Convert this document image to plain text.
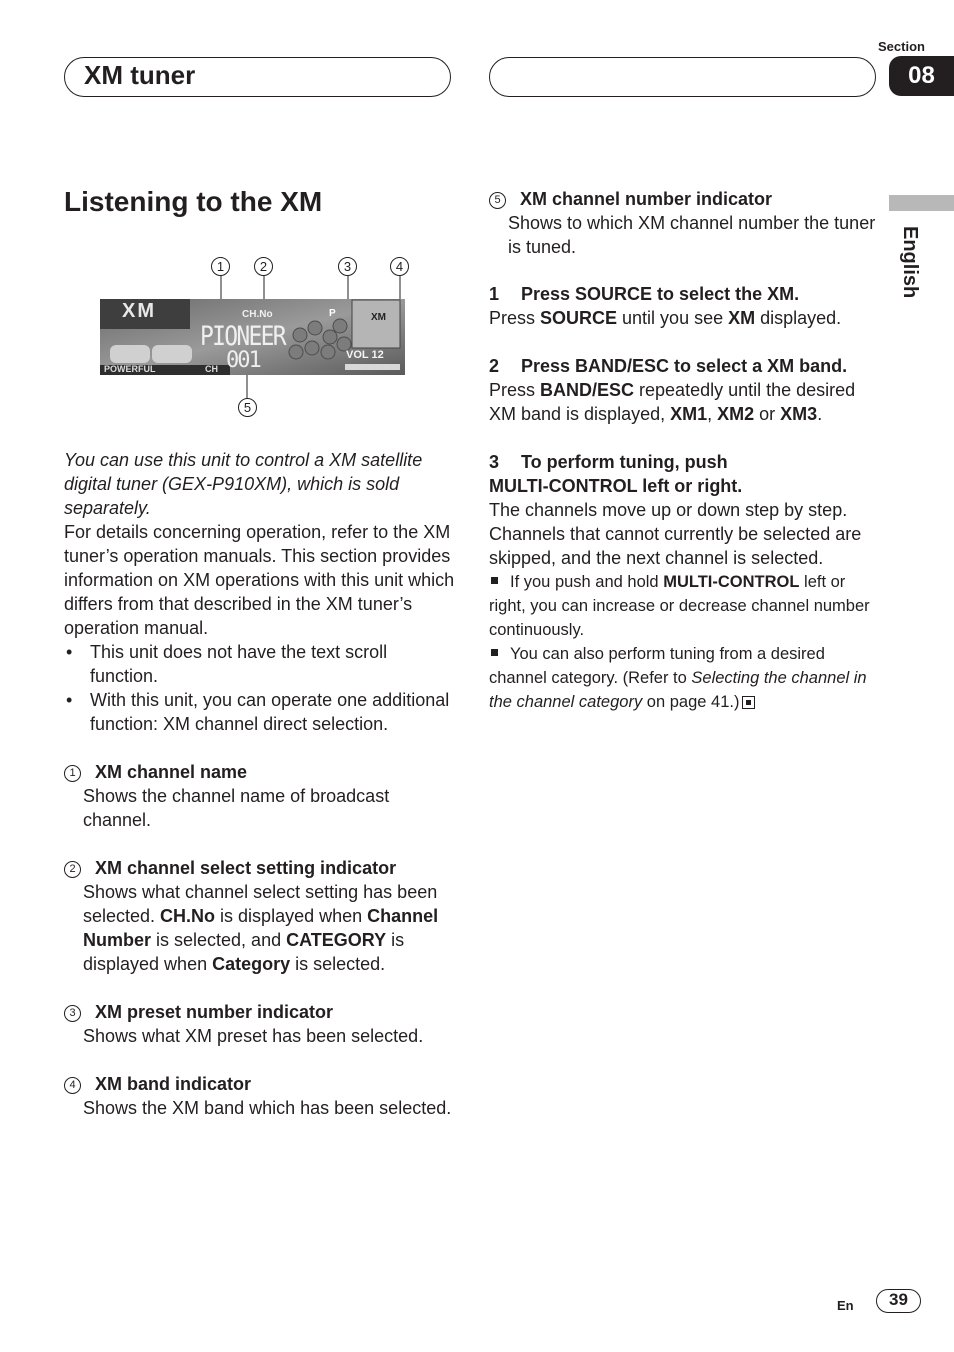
XM tuner
Section
08
English
Listening to the XM
1	2	3	4
5
XM	CH.No
PIONEER
001
P	XM
VOL 12
POWERFUL	CH
You can use this unit to control a XM satellite digital tuner (GEX-P910XM), which is sold separately.
For details concerning operation, refer to the XM tuner’s operation manuals. This section provides information on XM operations with this unit which differs from that described in the XM tuner’s operation manual.
• This unit does not have the text scroll function.
• With this unit, you can operate one additional function: XM channel direct selection.
1 XM channel name
Shows the channel name of broadcast channel.
2 XM channel select setting indicator
Shows what channel select setting has been selected. CH.No is displayed when Channel Number is selected, and CATEGORY is displayed when Category is selected.
3 XM preset number indicator
Shows what XM preset has been selected.
4 XM band indicator
Shows the XM band which has been selected.
5 XM channel number indicator
Shows to which XM channel number the tuner is tuned.
1 Press SOURCE to select the XM.
Press SOURCE until you see XM displayed.
2 Press BAND/ESC to select a XM band.
Press BAND/ESC repeatedly until the desired XM band is displayed, XM1, XM2 or XM3.
3 To perform tuning, push
MULTI-CONTROL left or right.
The channels move up or down step by step. Channels that cannot currently be selected are skipped, and the next channel is selected.
If you push and hold MULTI-CONTROL left or right, you can increase or decrease channel number continuously.
You can also perform tuning from a desired channel category. (Refer to Selecting the channel in the channel category on page 41.)
En	39
